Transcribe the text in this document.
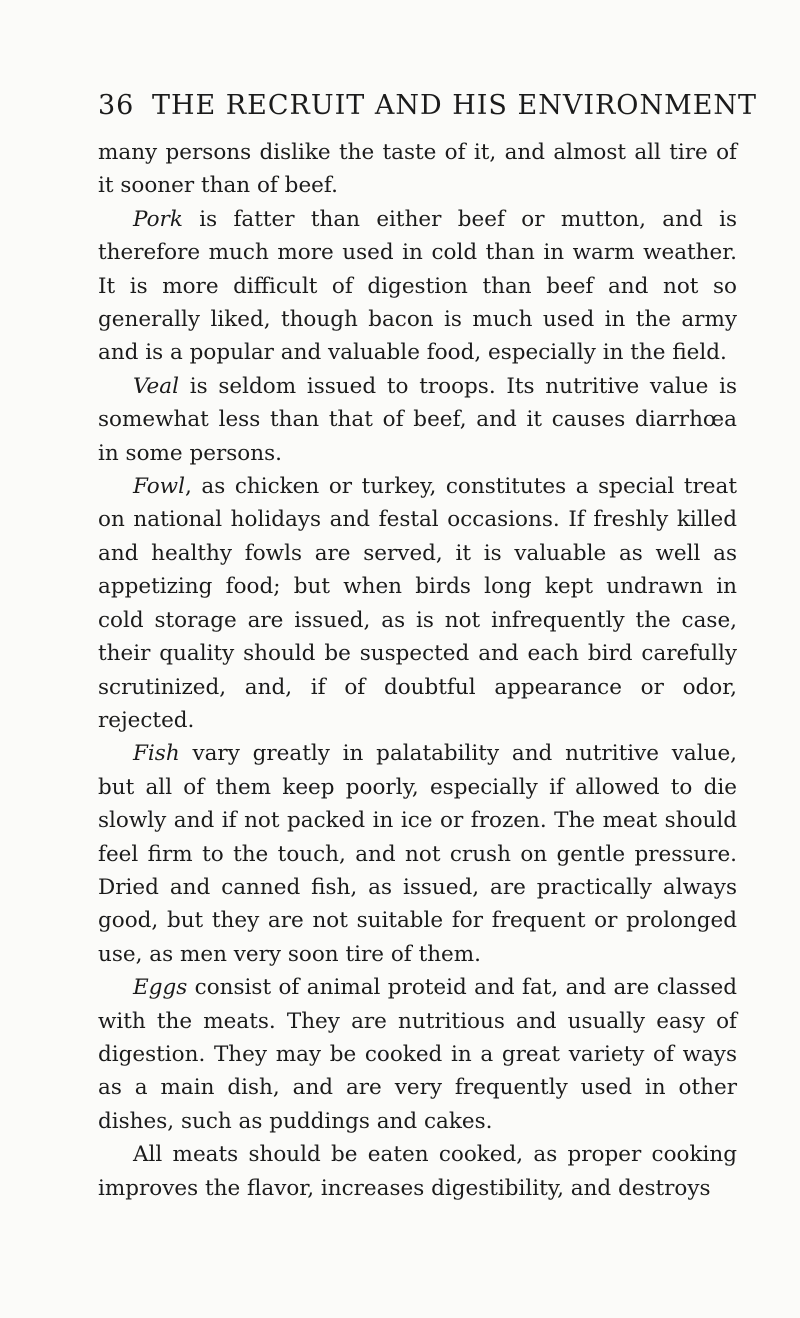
36 THE RECRUIT AND HIS ENVIRONMENT

many persons dislike the taste of it, and almost all tire of it sooner than of beef.

Pork is fatter than either beef or mutton, and is therefore much more used in cold than in warm weather. It is more difficult of digestion than beef and not so generally liked, though bacon is much used in the army and is a popular and valuable food, especially in the field.

Veal is seldom issued to troops. Its nutritive value is somewhat less than that of beef, and it causes diarrhœa in some persons.

Fowl, as chicken or turkey, constitutes a special treat on national holidays and festal occasions. If freshly killed and healthy fowls are served, it is valuable as well as appetizing food; but when birds long kept undrawn in cold storage are issued, as is not infrequently the case, their quality should be suspected and each bird carefully scrutinized, and, if of doubtful appearance or odor, rejected.

Fish vary greatly in palatability and nutritive value, but all of them keep poorly, especially if allowed to die slowly and if not packed in ice or frozen. The meat should feel firm to the touch, and not crush on gentle pressure. Dried and canned fish, as issued, are practically always good, but they are not suitable for frequent or prolonged use, as men very soon tire of them.

Eggs consist of animal proteid and fat, and are classed with the meats. They are nutritious and usually easy of digestion. They may be cooked in a great variety of ways as a main dish, and are very frequently used in other dishes, such as puddings and cakes.

All meats should be eaten cooked, as proper cooking improves the flavor, increases digestibility, and destroys
